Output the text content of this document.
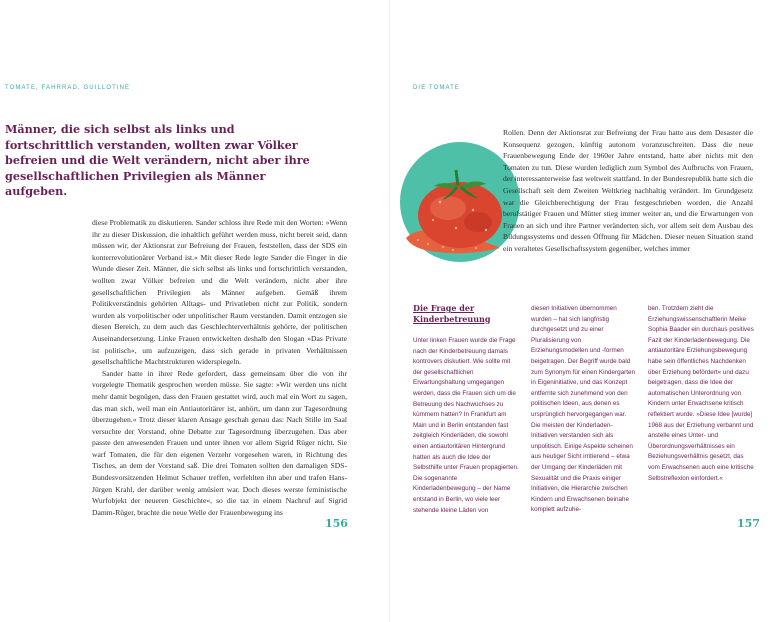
TOMATE, FAHRRAD, GUILLOTINE	DIE TOMATE
Männer, die sich selbst als links und fortschrittlich verstanden, wollten zwar Völker befreien und die Welt verändern, nicht aber ihre gesellschaftlichen Privilegien als Männer aufgeben.

diese Problematik zu diskutieren. Sander schloss ihre Rede mit den Worten: »Wenn ihr zu dieser Diskussion, die inhaltlich geführt werden muss, nicht bereit seid, dann müssen wir, der Aktionsrat zur Befreiung der Frauen, feststellen, dass der SDS ein konterrevolutionärer Verband ist.« Mit dieser Rede legte Sander die Finger in die Wunde dieser Zeit. Männer, die sich selbst als links und fortschrittlich verstanden, wollten zwar Völker befreien und die Welt verändern, nicht aber ihre gesellschaftlichen Privilegien als Männer aufgeben. Gemäß ihrem Politikverständnis gehörten Alltags- und Privatleben nicht zur Politik, sondern wurden als vorpolitischer oder unpolitischer Raum verstanden. Damit entzogen sie diesen Bereich, zu dem auch das Geschlechterverhältnis gehörte, der politischen Auseinandersetzung. Linke Frauen entwickelten deshalb den Slogan »Das Private ist politisch«, um aufzuzeigen, dass sich gerade in privaten Verhältnissen gesellschaftliche Machtstrukturen widerspiegeln.

Sander hatte in ihrer Rede gefordert, dass gemeinsam über die von ihr vorgelegte Thematik gesprochen werden müsse. Sie sagte: »Wir werden uns nicht mehr damit begnügen, dass den Frauen gestattet wird, auch mal ein Wort zu sagen, das man sich, weil man ein Antiautoritärer ist, anhört, um dann zur Tagesordnung überzugehen.« Trotz dieser klaren Ansage geschah genau das: Nach Stille im Saal versuchte der Vorstand, ohne Debatte zur Tagesordnung überzugehen. Das aber passte den anwesenden Frauen und unter ihnen vor allem Sigrid Rüger nicht. Sie warf Tomaten, die für den eigenen Verzehr vorgesehen waren, in Richtung des Tisches, an dem der Vorstand saß. Die drei Tomaten sollten den damaligen SDS-Bundesvorsitzenden Helmut Schauer treffen, verfehlten ihn aber und trafen Hans-Jürgen Krahl, der darüber wenig amüsiert war. Doch dieses werste feministische Wurfobjekt der neueren Geschichte«, so die taz in einem Nachruf auf Sigrid Damm-Rüger, brachte die neue Welle der Frauenbewegung ins

156

Rollen. Denn der Aktionsrat zur Befreiung der Frau hatte aus dem Desaster die Konsequenz gezogen, künftig autonom voranzuschreiten. Dass die neue Frauenbewegung Ende der 1960er Jahre entstand, hatte aber nichts mit den Tomaten zu tun. Diese wurden lediglich zum Symbol des Aufbruchs von Frauen, der interessanterweise fast weltweit stattfand. In der Bundesrepublik hatte sich die Gesellschaft seit dem Zweiten Weltkrieg nachhaltig verändert. Im Grundgesetz war die Gleichberechtigung der Frau festgeschrieben worden, die Anzahl berufstätiger Frauen und Mütter stieg immer weiter an, und die Erwartungen von Frauen an sich und ihre Partner veränderten sich, vor allem seit dem Ausbau des Bildungssystems und dessen Öffnung für Mädchen. Dieser neuen Situation stand ein veraltetes Gesellschaftssystem gegenüber, welches immer

Die Frage der
Kinderbetreuung
Unter linken Frauen wurde die Frage nach der Kinderbetreuung damals kontrovers diskutiert. Wie sollte mit der gesellschaftlichen Erwartungshaltung umgegangen werden, dass die Frauen sich um die Betreuung des Nachwuchses zu kümmern hatten? In Frankfurt am Main und in Berlin entstanden fast zeitgleich Kinderläden, die sowohl einen antiautoritären Hintergrund hatten als auch die Idee der Selbsthilfe unter Frauen propagierten. Die sogenannte Kinderladenbewegung – der Name entstand in Berlin, wo viele leer stehende kleine Läden von
diesen Initiativen übernommen wurden – hat sich langfristig durchgesetzt und zu einer Pluralisierung von Erziehungsmodellen und -formen beigetragen. Der Begriff wurde bald zum Synonym für einen Kindergarten in Eigeninitiative, und das Konzept entfernte sich zunehmend von den politischen Ideen, aus denen es ursprünglich hervorgegangen war. Die meisten der Kinderladen-Initiativen verstanden sich als unpolitisch. Einige Aspekte scheinen aus heutiger Sicht irritierend – etwa der Umgang der Kinderläden mit Sexualität und die Praxis einiger Initiativen, die Hierarchie zwischen Kindern und Erwachsenen beinahe komplett aufzuhe-
ben. Trotzdem zieht die Erziehungswissenschaftlerin Meike Sophia Baader ein durchaus positives Fazit der Kinderladenbewegung. Die antiautoritäre Erziehungsbewegung habe sein öffentliches Nachdenken über Erziehung befördert« und dazu beigetragen, dass die Idee der automatischen Unterordnung von Kindern unter Erwachsene kritisch reflektiert wurde. »Diese Idee [wurde] 1968 aus der Erziehung verbannt und anstelle eines Unter- und Überordnungsverhältnisses ein Beziehungsverhältnis gesetzt, das vom Erwachsenen auch eine kritische Selbstreflexion einfordert.«
157
